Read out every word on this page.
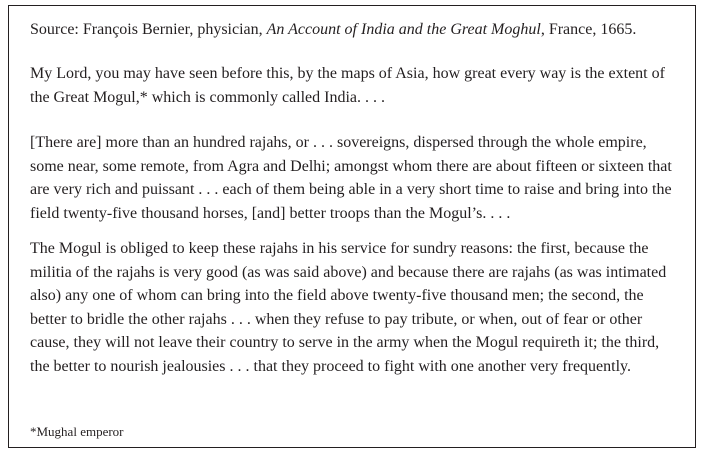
Source: François Bernier, physician, An Account of India and the Great Moghul, France, 1665.

My Lord, you may have seen before this, by the maps of Asia, how great every way is the extent of the Great Mogul,* which is commonly called India. . . .

[There are] more than an hundred rajahs, or . . . sovereigns, dispersed through the whole empire, some near, some remote, from Agra and Delhi; amongst whom there are about fifteen or sixteen that are very rich and puissant . . . each of them being able in a very short time to raise and bring into the field twenty-five thousand horses, [and] better troops than the Mogul’s. . . .

The Mogul is obliged to keep these rajahs in his service for sundry reasons: the first, because the militia of the rajahs is very good (as was said above) and because there are rajahs (as was intimated also) any one of whom can bring into the field above twenty-five thousand men; the second, the better to bridle the other rajahs . . . when they refuse to pay tribute, or when, out of fear or other cause, they will not leave their country to serve in the army when the Mogul requireth it; the third, the better to nourish jealousies . . . that they proceed to fight with one another very frequently.

*Mughal emperor
